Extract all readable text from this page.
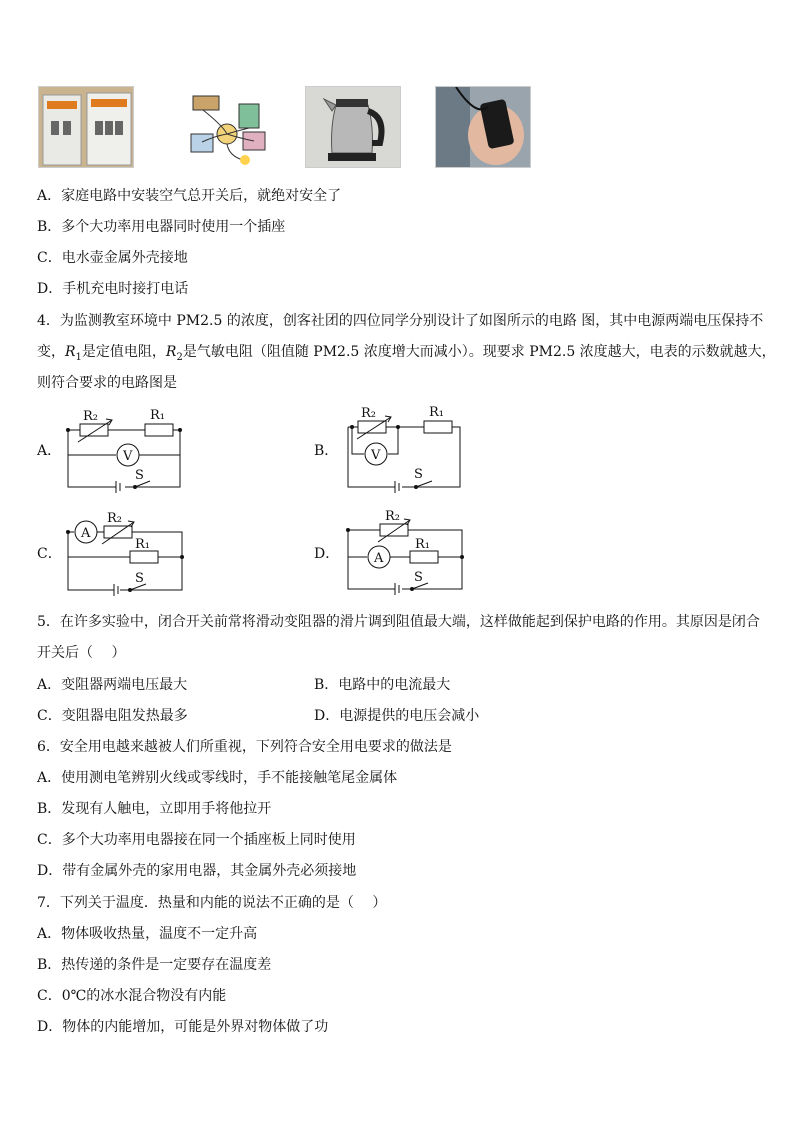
A．家庭电路中安装空气总开关后，就绝对安全了
B．多个大功率用电器同时使用一个插座
C．电水壶金属外壳接地
D．手机充电时接打电话
4．为监测教室环境中 PM2.5 的浓度，创客社团的四位同学分别设计了如图所示的电路 图，其中电源两端电压保持不
变，$R_1$是定值电阻，$R_2$是气敏电阻（阻值随 PM2.5 浓度增大而减小）。现要求 PM2.5 浓度越大，电表的示数就越大，
则符合要求的电路图是
A．
R₂	R₁
V
S
B．
R₂	R₁
V
S
C．
A
R₂
R₁
S
D．
R₂
A
R₁
S
5．在许多实验中，闭合开关前常将滑动变阻器的滑片调到阻值最大端，这样做能起到保护电路的作用。其原因是闭合
开关后（　 ）
A．变阻器两端电压最大	B．电路中的电流最大
C．变阻器电阻发热最多	D．电源提供的电压会减小
6．安全用电越来越被人们所重视，下列符合安全用电要求的做法是
A．使用测电笔辨别火线或零线时，手不能接触笔尾金属体
B．发现有人触电，立即用手将他拉开
C．多个大功率用电器接在同一个插座板上同时使用
D．带有金属外壳的家用电器，其金属外壳必须接地
7．下列关于温度．热量和内能的说法不正确的是（　 ）
A．物体吸收热量，温度不一定升高
B．热传递的条件是一定要存在温度差
C．0℃的冰水混合物没有内能
D．物体的内能增加，可能是外界对物体做了功
